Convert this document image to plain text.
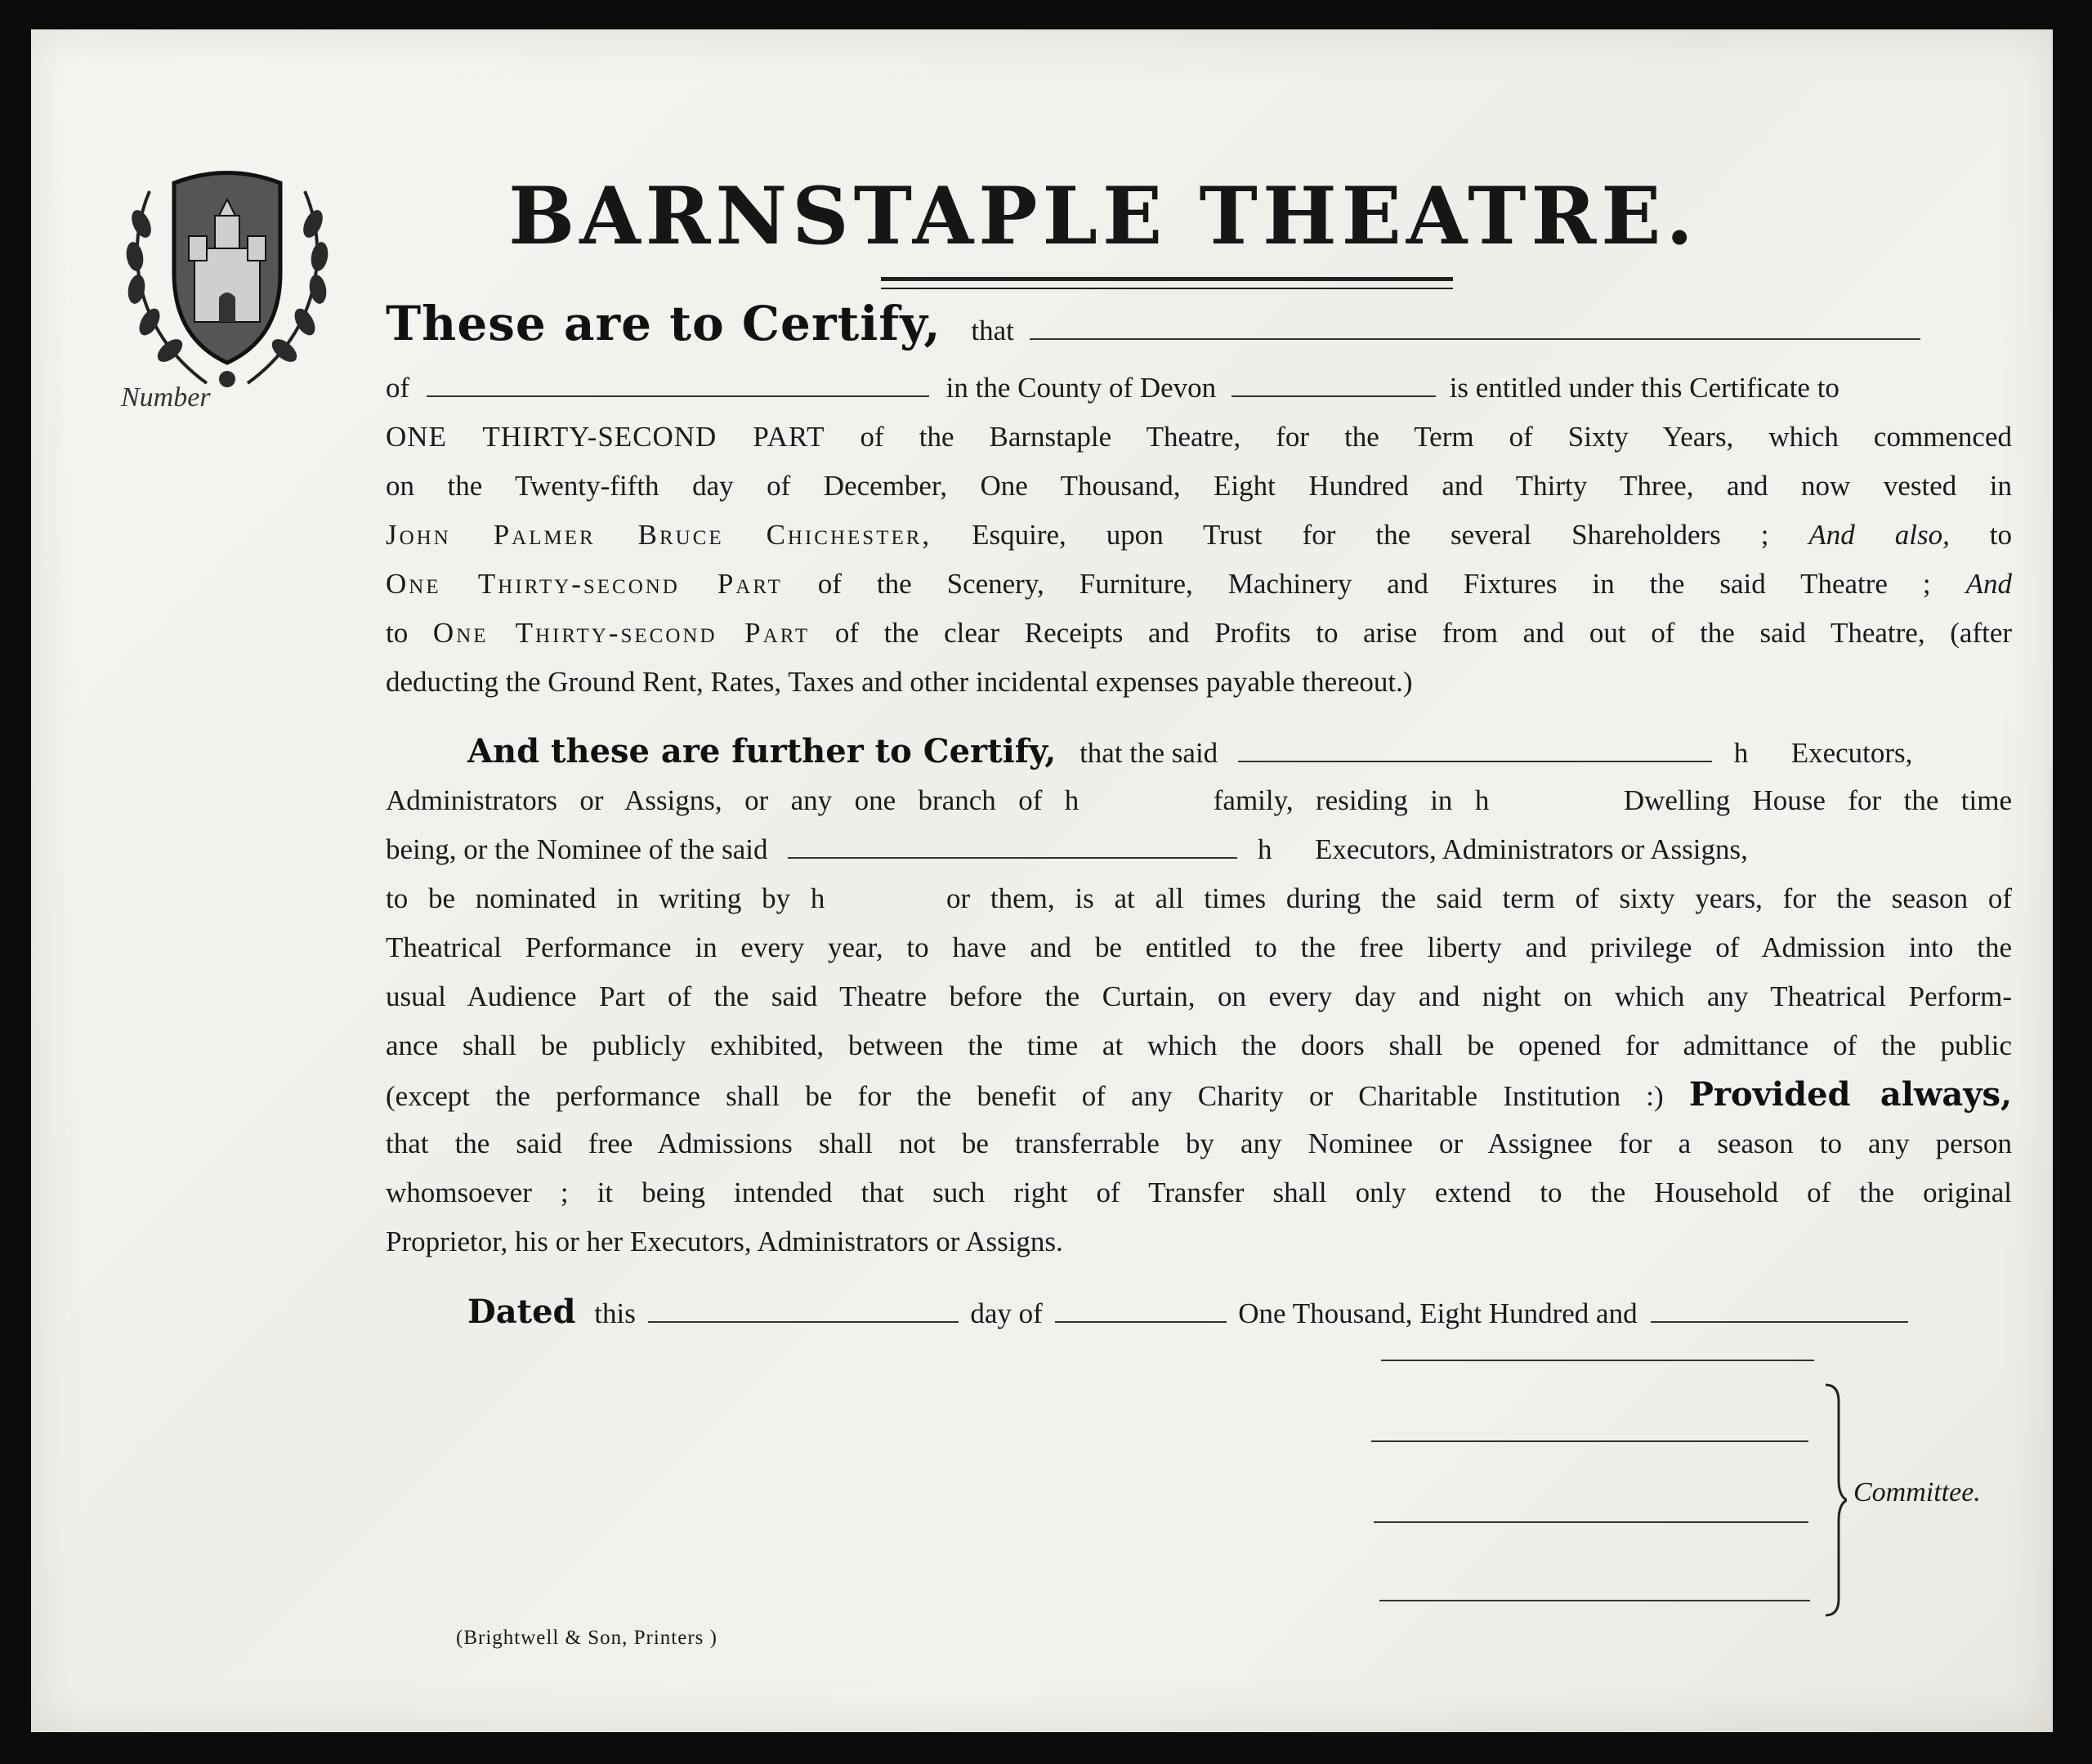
Number
BARNSTAPLE THEATRE.
These are to Certify, that
of	in the County of Devon	is entitled under this Certificate to
ONE THIRTY-SECOND PART of the Barnstaple Theatre, for the Term of Sixty Years, which commenced
on the Twenty-fifth day of December, One Thousand, Eight Hundred and Thirty Three, and now vested in
John Palmer Bruce Chichester, Esquire, upon Trust for the several Shareholders ; And also, to
One Thirty-second Part of the Scenery, Furniture, Machinery and Fixtures in the said Theatre ; And
to One Thirty-second Part of the clear Receipts and Profits to arise from and out of the said Theatre, (after
deducting the Ground Rent, Rates, Taxes and other incidental expenses payable thereout.)
And these are further to Certify, that the said	h      Executors,
Administrators or Assigns, or any one branch of h      family, residing in h      Dwelling House for the time
being, or the Nominee of the said	h      Executors, Administrators or Assigns,
to be nominated in writing by h      or them, is at all times during the said term of sixty years, for the season of
Theatrical Performance in every year, to have and be entitled to the free liberty and privilege of Admission into the
usual Audience Part of the said Theatre before the Curtain, on every day and night on which any Theatrical Perform-
ance shall be publicly exhibited, between the time at which the doors shall be opened for admittance of the public
(except the performance shall be for the benefit of any Charity or Charitable Institution :) Provided always,
that the said free Admissions shall not be transferrable by any Nominee or Assignee for a season to any person
whomsoever ; it being intended that such right of Transfer shall only extend to the Household of the original
Proprietor, his or her Executors, Administrators or Assigns.
Dated this	day of	One Thousand, Eight Hundred and
Committee.
(Brightwell & Son, Printers )
